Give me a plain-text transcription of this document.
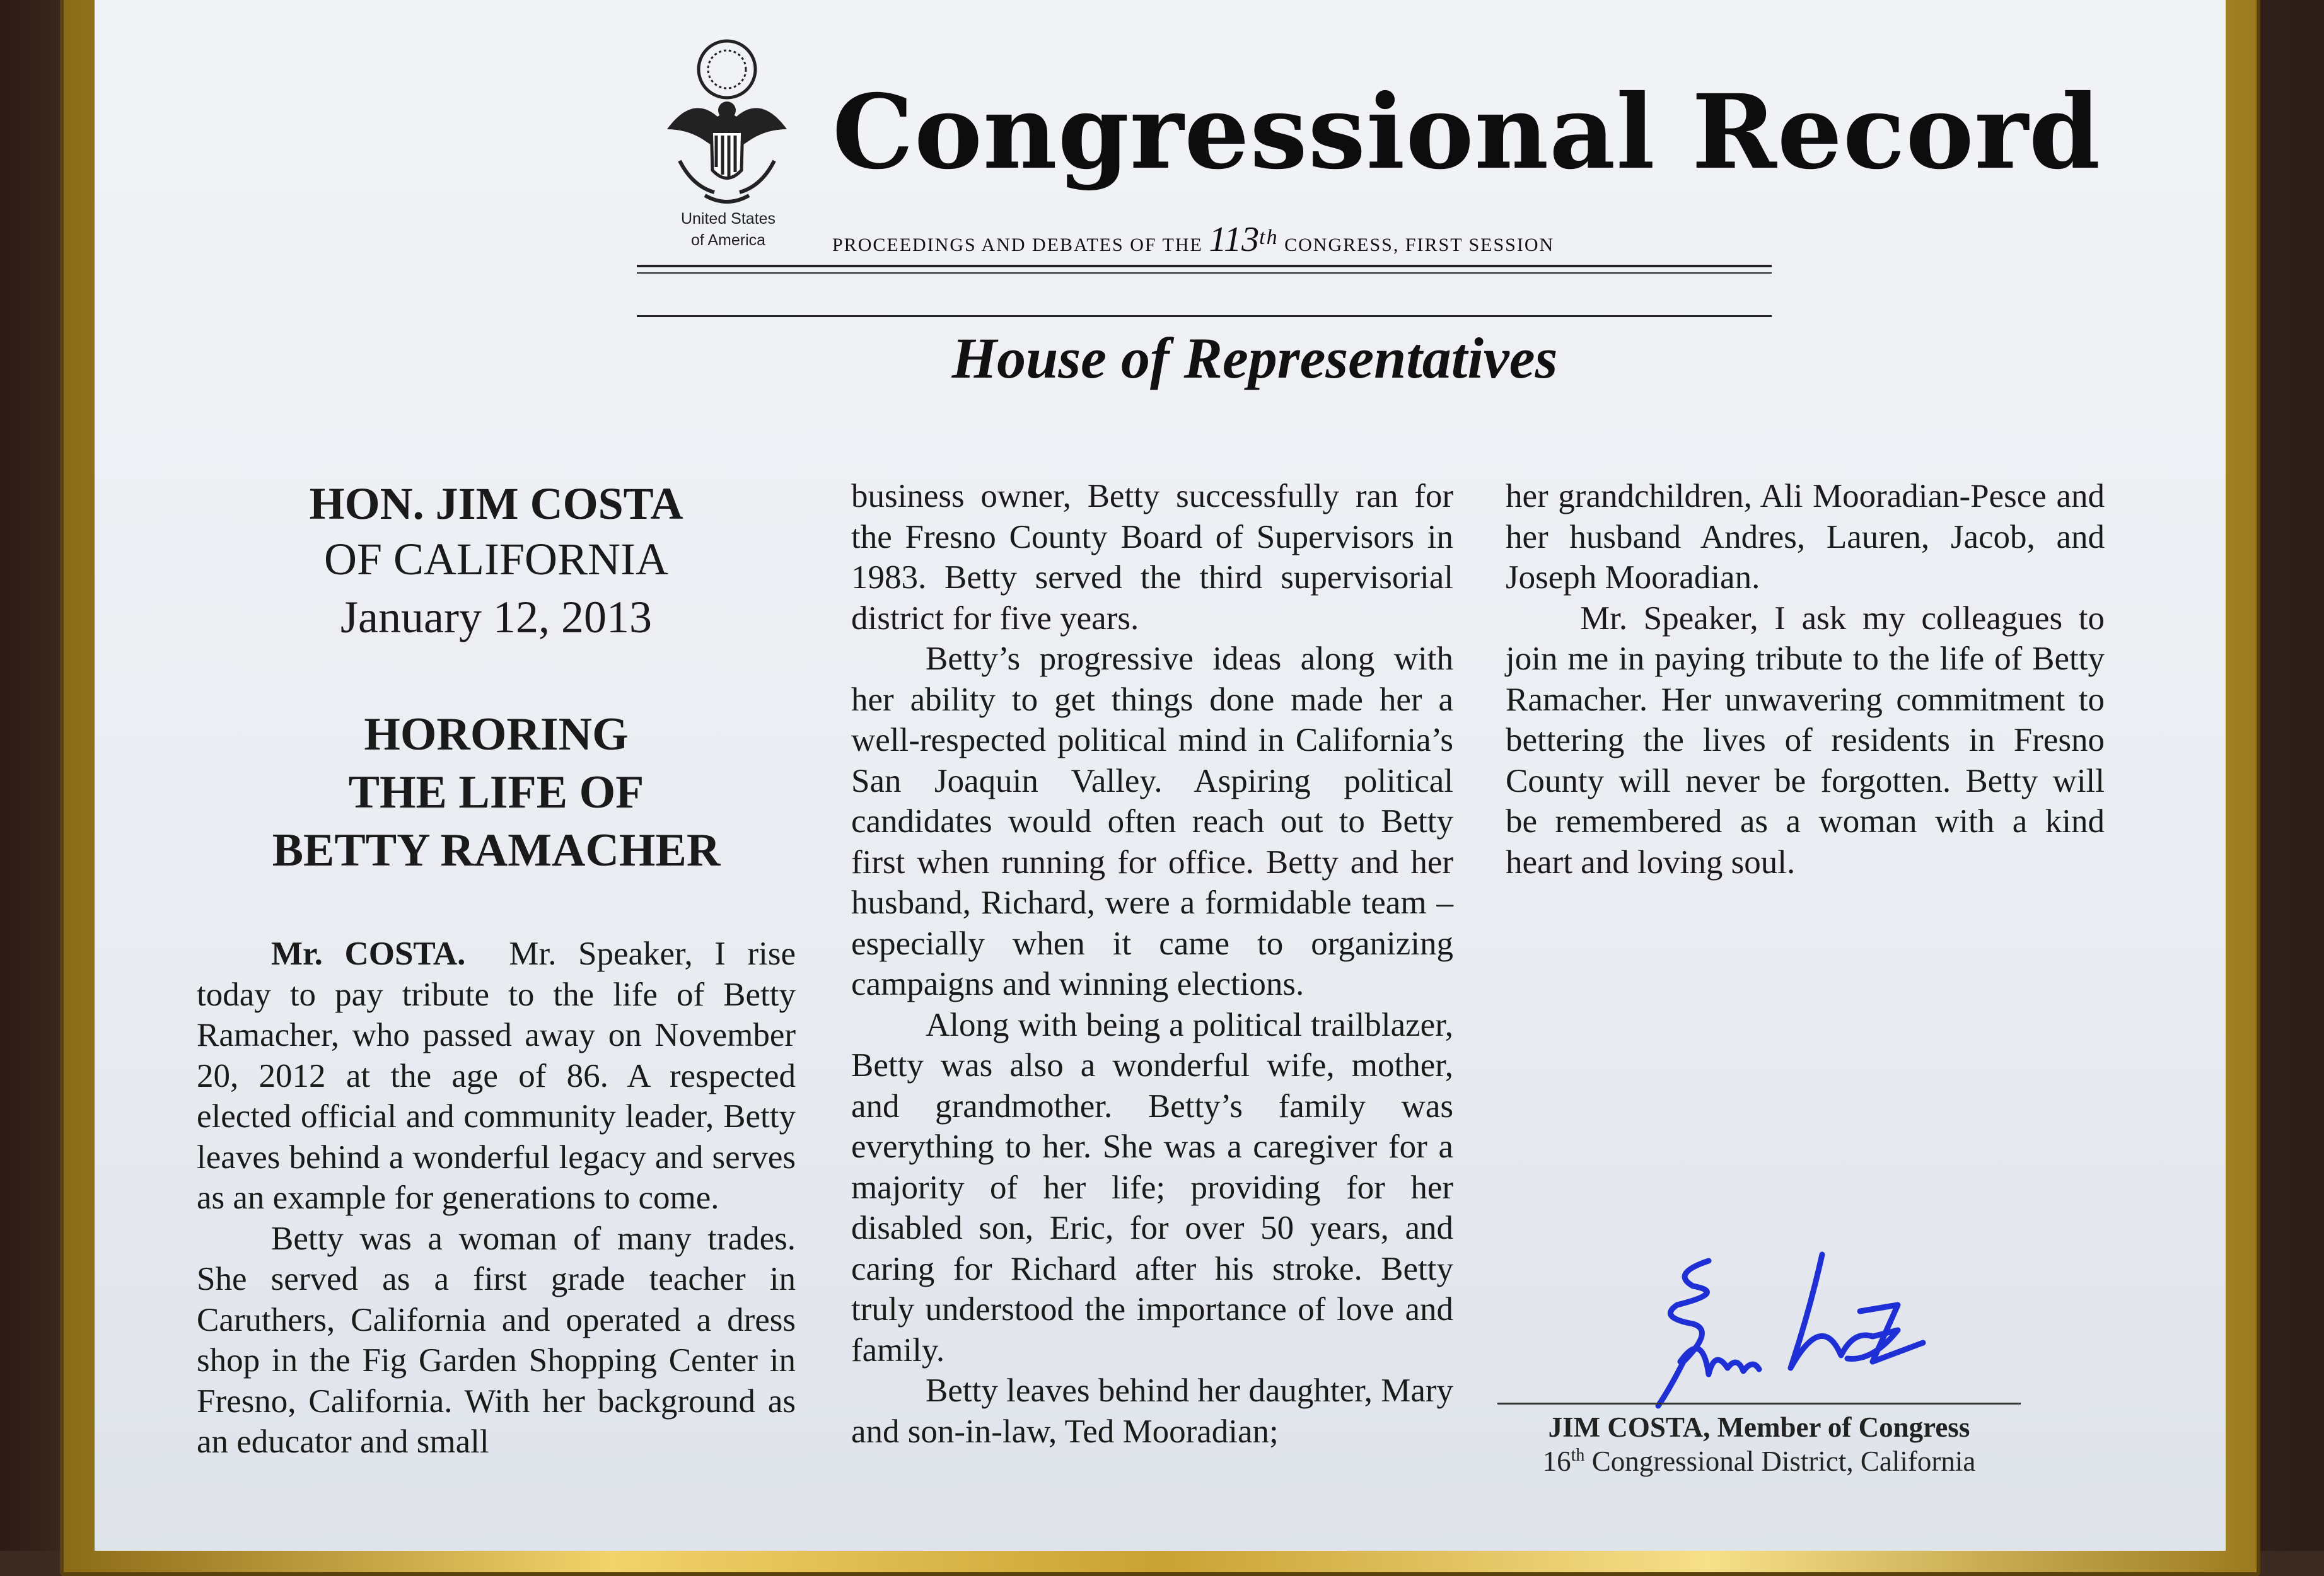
United States
of America
Congressional Record
PROCEEDINGS AND DEBATES OF THE 113th CONGRESS, FIRST SESSION
House of Representatives
HON. JIM COSTA
OF CALIFORNIA
January 12, 2013
HORORING
THE LIFE OF
BETTY RAMACHER

Mr. COSTA. Mr. Speaker, I rise today to pay tribute to the life of Betty Ramacher, who passed away on November 20, 2012 at the age of 86. A respected elected official and community leader, Betty leaves behind a wonderful legacy and serves as an example for generations to come.

Betty was a woman of many trades. She served as a first grade teacher in Caruthers, California and operated a dress shop in the Fig Garden Shopping Center in Fresno, California. With her background as an educator and small

business owner, Betty successfully ran for the Fresno County Board of Supervisors in 1983. Betty served the third supervisorial district for five years.

Betty’s progressive ideas along with her ability to get things done made her a well-respected political mind in California’s San Joaquin Valley. Aspiring political candidates would often reach out to Betty first when running for office. Betty and her husband, Richard, were a formidable team – especially when it came to organizing campaigns and winning elections.

Along with being a political trailblazer, Betty was also a wonderful wife, mother, and grandmother. Betty’s family was everything to her. She was a caregiver for a majority of her life; providing for her disabled son, Eric, for over 50 years, and caring for Richard after his stroke. Betty truly understood the importance of love and family.

Betty leaves behind her daughter, Mary and son-in-law, Ted Mooradian;

her grandchildren, Ali Mooradian-Pesce and her husband Andres, Lauren, Jacob, and Joseph Mooradian.

Mr. Speaker, I ask my colleagues to join me in paying tribute to the life of Betty Ramacher. Her unwavering commitment to bettering the lives of residents in Fresno County will never be forgotten. Betty will be remembered as a woman with a kind heart and loving soul.

JIM COSTA, Member of Congress
16th Congressional District, California
